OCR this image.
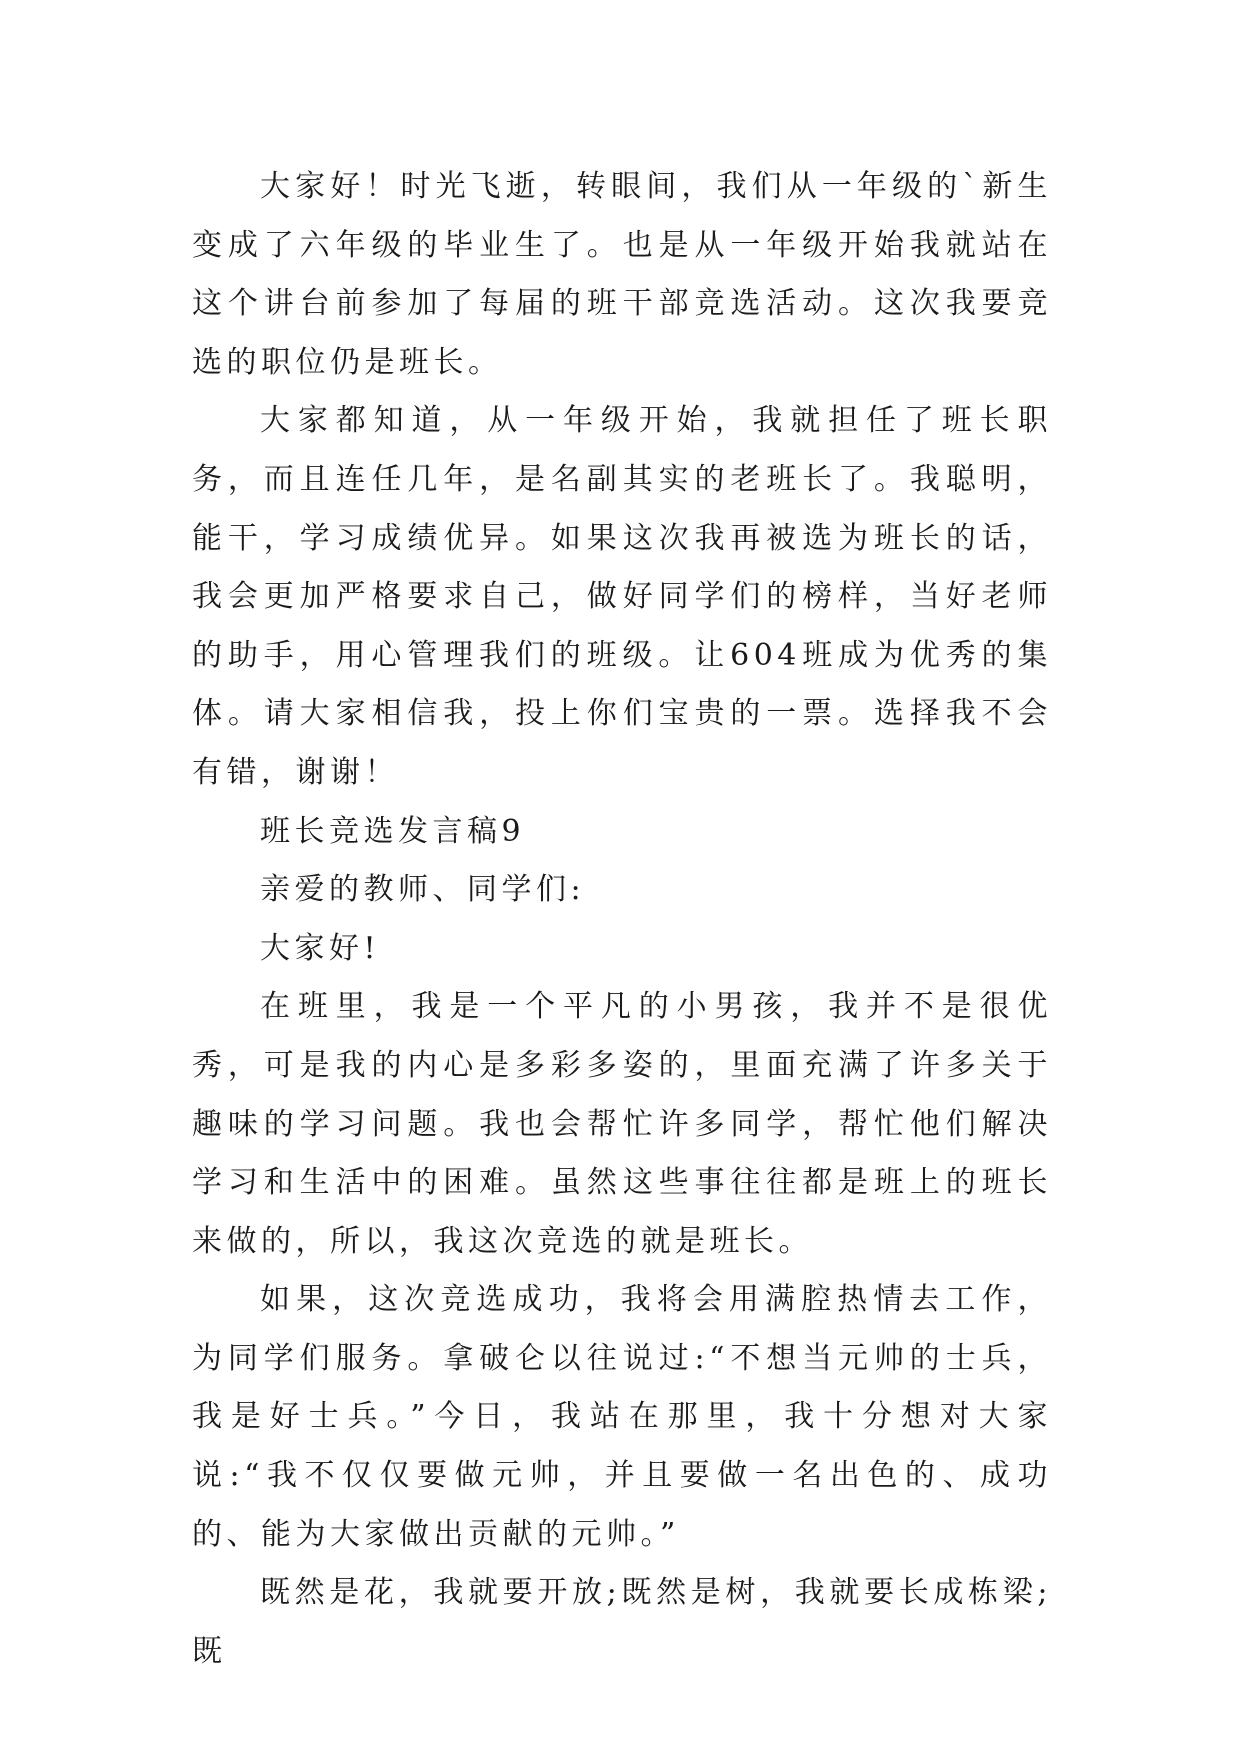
大家好！时光飞逝，转眼间，我们从一年级的`新生变成了六年级的毕业生了。也是从一年级开始我就站在这个讲台前参加了每届的班干部竞选活动。这次我要竞选的职位仍是班长。

大家都知道，从一年级开始，我就担任了班长职务，而且连任几年，是名副其实的老班长了。我聪明，能干，学习成绩优异。如果这次我再被选为班长的话，我会更加严格要求自己，做好同学们的榜样，当好老师的助手，用心管理我们的班级。让604班成为优秀的集体。请大家相信我，投上你们宝贵的一票。选择我不会有错，谢谢！

班长竞选发言稿9

亲爱的教师、同学们:

大家好!

在班里，我是一个平凡的小男孩，我并不是很优秀，可是我的内心是多彩多姿的，里面充满了许多关于趣味的学习问题。我也会帮忙许多同学，帮忙他们解决学习和生活中的困难。虽然这些事往往都是班上的班长来做的，所以，我这次竞选的就是班长。

如果，这次竞选成功，我将会用满腔热情去工作，为同学们服务。拿破仑以往说过:“不想当元帅的士兵，我是好士兵。”今日，我站在那里，我十分想对大家说:“我不仅仅要做元帅，并且要做一名出色的、成功的、能为大家做出贡献的元帅。”

既然是花，我就要开放;既然是树，我就要长成栋梁;既
